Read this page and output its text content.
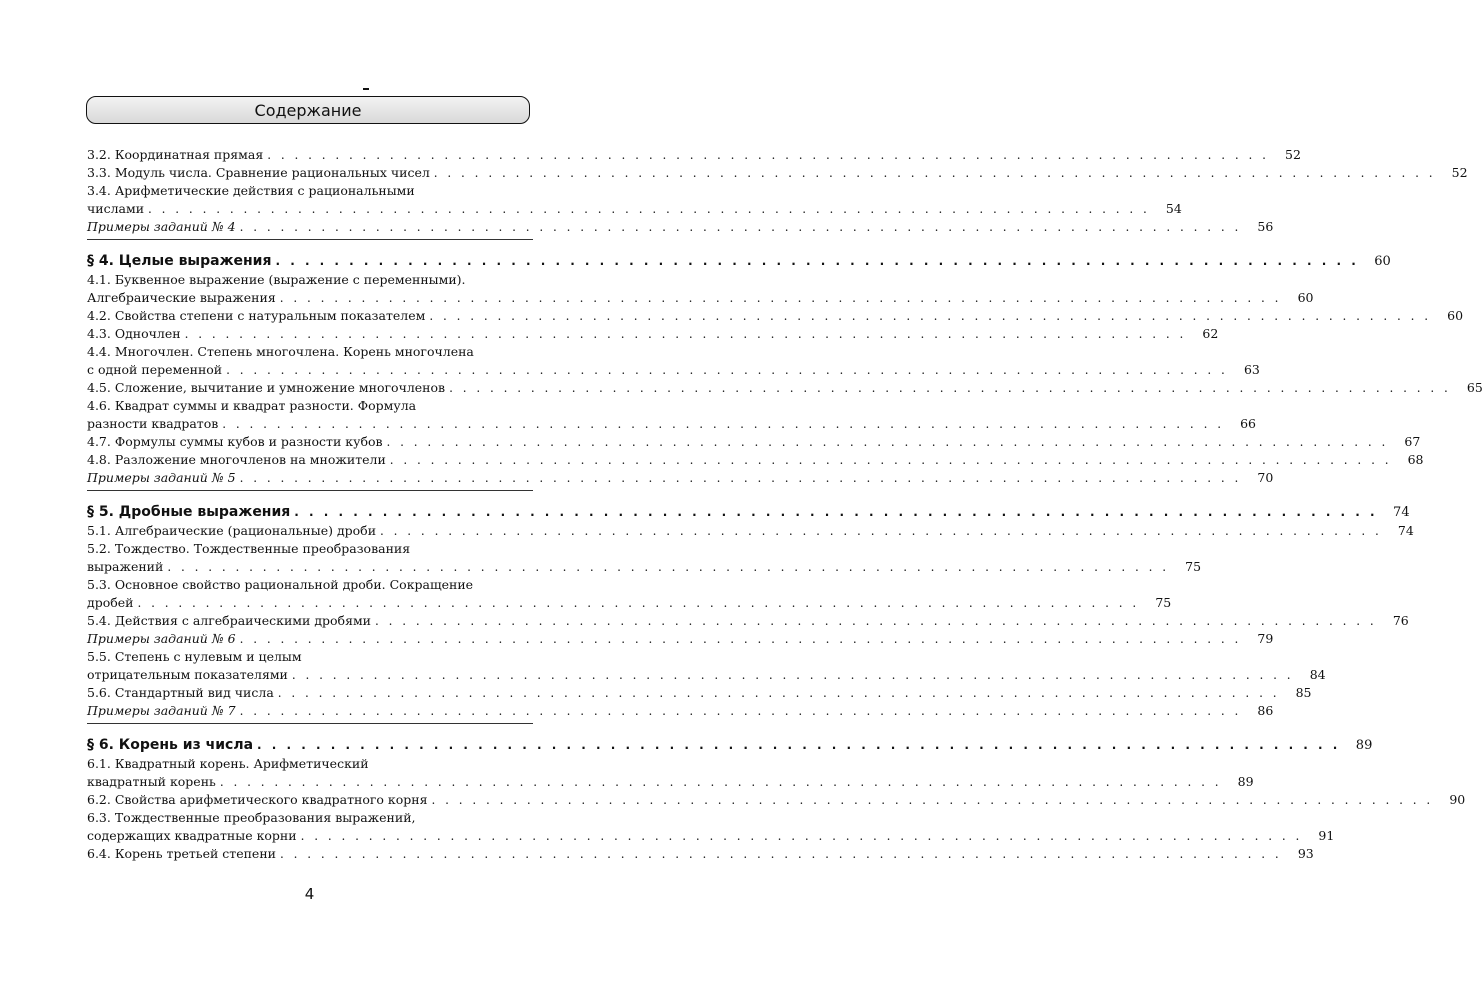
Содержание
3.2. Координатная прямая . . . . . . . . . . . . . . . . . . . . . . . . . . . . . . . . . . . . . . . . . . . . . . . . . . . . . . . . . . . . . . . . . . . . . . . . . .	52
3.3. Модуль числа. Сравнение рациональных чисел . . . . . . . . . . . . . . . . . . . . . . . . . . . . . . . . . . . . . . . . . . . . . . . . . . . . . . . . . . . . . . . . . . . . . . . . . .	52
3.4. Арифметические действия с рациональными
числами . . . . . . . . . . . . . . . . . . . . . . . . . . . . . . . . . . . . . . . . . . . . . . . . . . . . . . . . . . . . . . . . . . . . . . . . . .	54
Примеры заданий № 4 . . . . . . . . . . . . . . . . . . . . . . . . . . . . . . . . . . . . . . . . . . . . . . . . . . . . . . . . . . . . . . . . . . . . . . . . . .	56
§ 4. Целые выражения . . . . . . . . . . . . . . . . . . . . . . . . . . . . . . . . . . . . . . . . . . . . . . . . . . . . . . . . . . . . . . . . . . . . . . . . . .	60
4.1. Буквенное выражение (выражение с переменными).
Алгебраические выражения . . . . . . . . . . . . . . . . . . . . . . . . . . . . . . . . . . . . . . . . . . . . . . . . . . . . . . . . . . . . . . . . . . . . . . . . . .	60
4.2. Свойства степени с натуральным показателем . . . . . . . . . . . . . . . . . . . . . . . . . . . . . . . . . . . . . . . . . . . . . . . . . . . . . . . . . . . . . . . . . . . . . . . . . .	60
4.3. Одночлен . . . . . . . . . . . . . . . . . . . . . . . . . . . . . . . . . . . . . . . . . . . . . . . . . . . . . . . . . . . . . . . . . . . . . . . . . .	62
4.4. Многочлен. Степень многочлена. Корень многочлена
с одной переменной . . . . . . . . . . . . . . . . . . . . . . . . . . . . . . . . . . . . . . . . . . . . . . . . . . . . . . . . . . . . . . . . . . . . . . . . . .	63
4.5. Сложение, вычитание и умножение многочленов . . . . . . . . . . . . . . . . . . . . . . . . . . . . . . . . . . . . . . . . . . . . . . . . . . . . . . . . . . . . . . . . . . . . . . . . . .	65
4.6. Квадрат суммы и квадрат разности. Формула
разности квадратов . . . . . . . . . . . . . . . . . . . . . . . . . . . . . . . . . . . . . . . . . . . . . . . . . . . . . . . . . . . . . . . . . . . . . . . . . .	66
4.7. Формулы суммы кубов и разности кубов . . . . . . . . . . . . . . . . . . . . . . . . . . . . . . . . . . . . . . . . . . . . . . . . . . . . . . . . . . . . . . . . . . . . . . . . . .	67
4.8. Разложение многочленов на множители . . . . . . . . . . . . . . . . . . . . . . . . . . . . . . . . . . . . . . . . . . . . . . . . . . . . . . . . . . . . . . . . . . . . . . . . . .	68
Примеры заданий № 5 . . . . . . . . . . . . . . . . . . . . . . . . . . . . . . . . . . . . . . . . . . . . . . . . . . . . . . . . . . . . . . . . . . . . . . . . . .	70
§ 5. Дробные выражения . . . . . . . . . . . . . . . . . . . . . . . . . . . . . . . . . . . . . . . . . . . . . . . . . . . . . . . . . . . . . . . . . . . . . . . . . .	74
5.1. Алгебраические (рациональные) дроби . . . . . . . . . . . . . . . . . . . . . . . . . . . . . . . . . . . . . . . . . . . . . . . . . . . . . . . . . . . . . . . . . . . . . . . . . .	74
5.2. Тождество. Тождественные преобразования
выражений . . . . . . . . . . . . . . . . . . . . . . . . . . . . . . . . . . . . . . . . . . . . . . . . . . . . . . . . . . . . . . . . . . . . . . . . . .	75
5.3. Основное свойство рациональной дроби. Сокращение
дробей . . . . . . . . . . . . . . . . . . . . . . . . . . . . . . . . . . . . . . . . . . . . . . . . . . . . . . . . . . . . . . . . . . . . . . . . . .	75
5.4. Действия с алгебраическими дробями . . . . . . . . . . . . . . . . . . . . . . . . . . . . . . . . . . . . . . . . . . . . . . . . . . . . . . . . . . . . . . . . . . . . . . . . . .	76
Примеры заданий № 6 . . . . . . . . . . . . . . . . . . . . . . . . . . . . . . . . . . . . . . . . . . . . . . . . . . . . . . . . . . . . . . . . . . . . . . . . . .	79
5.5. Степень с нулевым и целым
отрицательным показателями . . . . . . . . . . . . . . . . . . . . . . . . . . . . . . . . . . . . . . . . . . . . . . . . . . . . . . . . . . . . . . . . . . . . . . . . . .	84
5.6. Стандартный вид числа . . . . . . . . . . . . . . . . . . . . . . . . . . . . . . . . . . . . . . . . . . . . . . . . . . . . . . . . . . . . . . . . . . . . . . . . . .	85
Примеры заданий № 7 . . . . . . . . . . . . . . . . . . . . . . . . . . . . . . . . . . . . . . . . . . . . . . . . . . . . . . . . . . . . . . . . . . . . . . . . . .	86
§ 6. Корень из числа . . . . . . . . . . . . . . . . . . . . . . . . . . . . . . . . . . . . . . . . . . . . . . . . . . . . . . . . . . . . . . . . . . . . . . . . . .	89
6.1. Квадратный корень. Арифметический
квадратный корень . . . . . . . . . . . . . . . . . . . . . . . . . . . . . . . . . . . . . . . . . . . . . . . . . . . . . . . . . . . . . . . . . . . . . . . . . .	89
6.2. Свойства арифметического квадратного корня . . . . . . . . . . . . . . . . . . . . . . . . . . . . . . . . . . . . . . . . . . . . . . . . . . . . . . . . . . . . . . . . . . . . . . . . . .	90
6.3. Тождественные преобразования выражений,
содержащих квадратные корни . . . . . . . . . . . . . . . . . . . . . . . . . . . . . . . . . . . . . . . . . . . . . . . . . . . . . . . . . . . . . . . . . . . . . . . . . .	91
6.4. Корень третьей степени . . . . . . . . . . . . . . . . . . . . . . . . . . . . . . . . . . . . . . . . . . . . . . . . . . . . . . . . . . . . . . . . . . . . . . . . . .	93
4
